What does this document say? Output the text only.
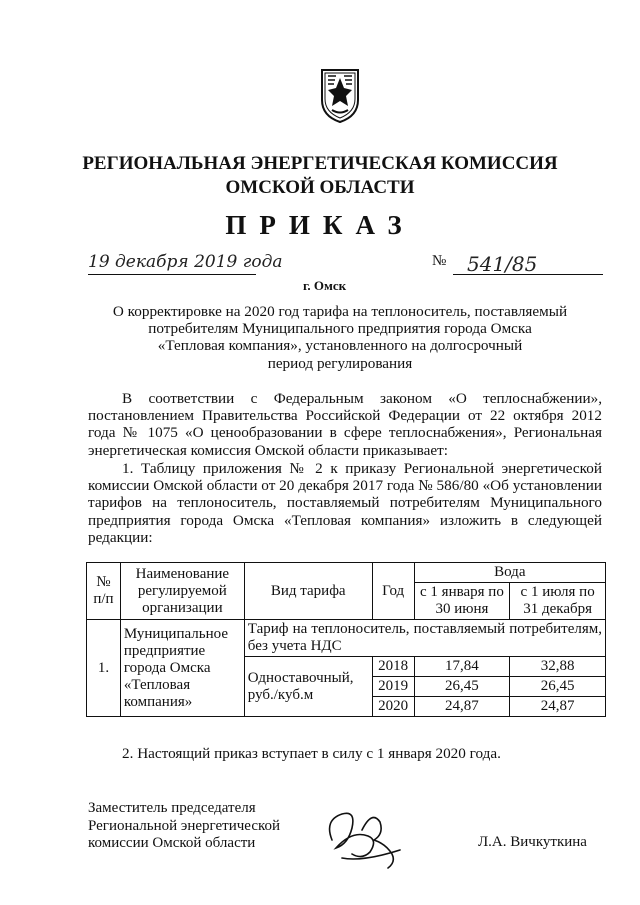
РЕГИОНАЛЬНАЯ ЭНЕРГЕТИЧЕСКАЯ КОМИССИЯ
ОМСКОЙ ОБЛАСТИ
ПРИКАЗ
19 декабря 2019 года	№	541/85
г. Омск
О корректировке на 2020 год тарифа на теплоноситель, поставляемый
потребителям Муниципального предприятия города Омска
«Тепловая компания», установленного на долгосрочный
период регулирования
В соответствии с Федеральным законом «О теплоснабжении», постановлением Правительства Российской Федерации от 22 октября 2012 года № 1075 «О ценообразовании в сфере теплоснабжения», Региональная энергетическая комиссия Омской области приказывает:
1. Таблицу приложения № 2 к приказу Региональной энергетической комиссии Омской области от 20 декабря 2017 года № 586/80 «Об установлении тарифов на теплоноситель, поставляемый потребителям Муниципального предприятия города Омска «Тепловая компания» изложить в следующей редакции:
№ п/п	Наименование регулируемой организации	Вид тарифа	Год	Вода	
				с 1 января по 30 июня	с 1 июля по 31 декабря
1.	Муниципальное предприятие города Омска «Тепловая компания»	Тариф на теплоноситель, поставляемый потребителям, без учета НДС			
		Одноставочный, руб./куб.м	2018	17,84	32,88
			2019	26,45	26,45
			2020	24,87	24,87
2. Настоящий приказ вступает в силу с 1 января 2020 года.
Заместитель председателя
Региональной энергетической
комиссии Омской области	Л.А. Вичкуткина
